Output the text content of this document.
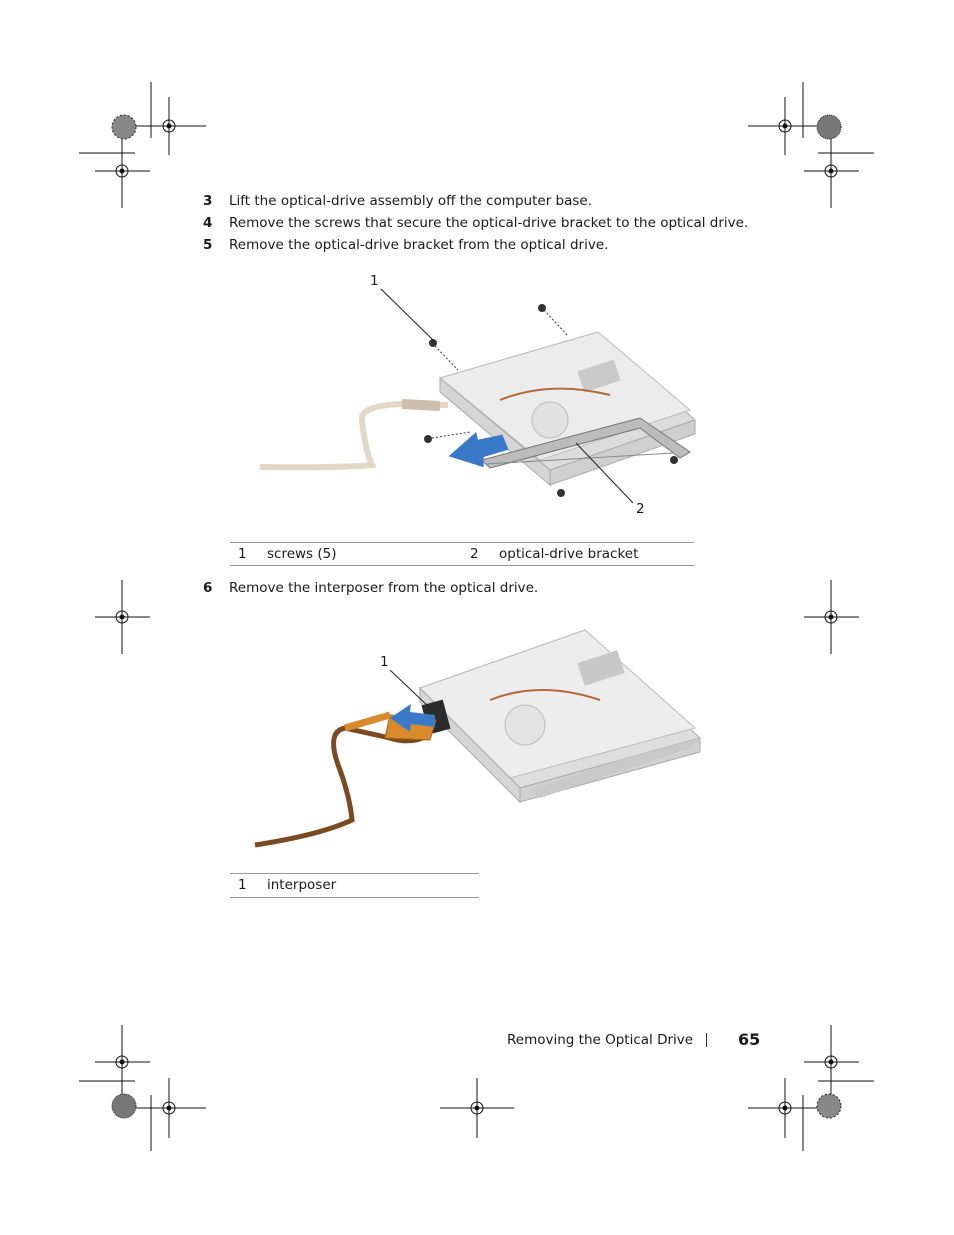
3 Lift the optical-drive assembly off the computer base.
4 Remove the screws that secure the optical-drive bracket to the optical drive.
5 Remove the optical-drive bracket from the optical drive.
1
2
1 screws (5)	2 optical-drive bracket
6 Remove the interposer from the optical drive.
1
1 interposer
Removing the Optical Drive	65
